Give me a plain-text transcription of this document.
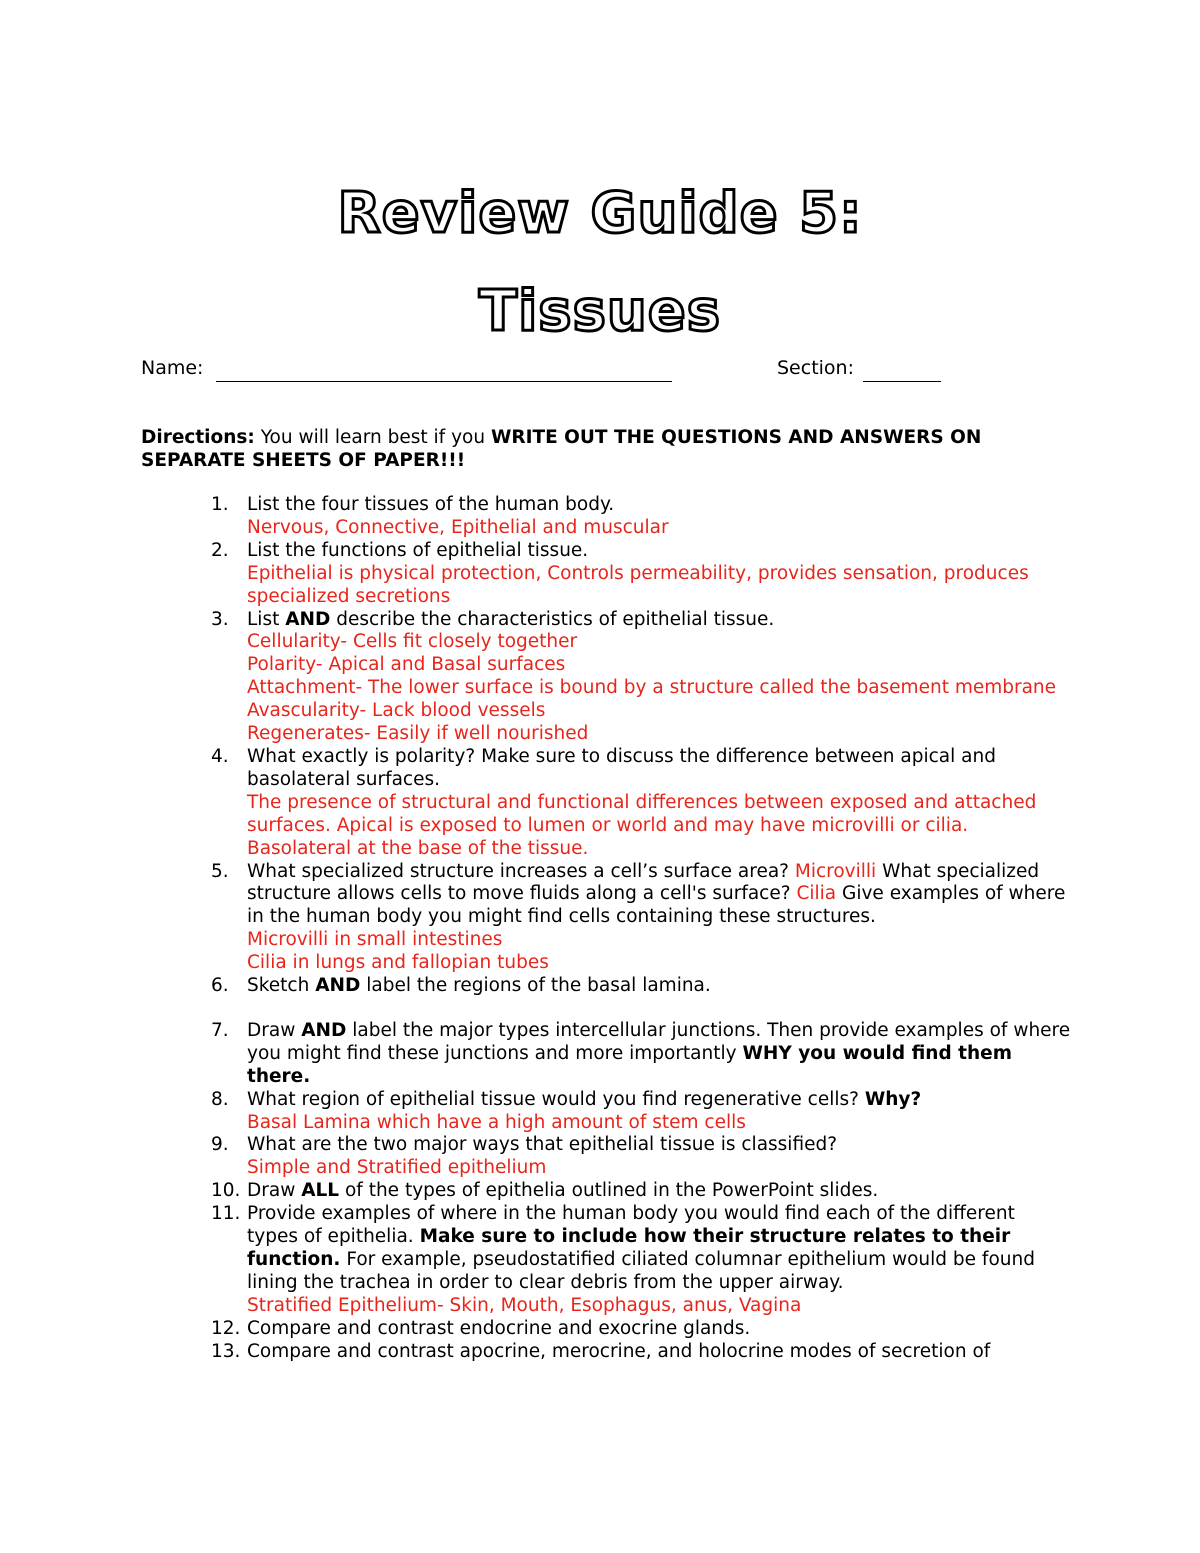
Review Guide 5:
Tissues
Name:	Section:
Directions: You will learn best if you WRITE OUT THE QUESTIONS AND ANSWERS ON SEPARATE SHEETS OF PAPER!!!
1. List the four tissues of the human body.
Nervous, Connective, Epithelial and muscular
2. List the functions of epithelial tissue.
Epithelial is physical protection, Controls permeability, provides sensation, produces specialized secretions
3. List AND describe the characteristics of epithelial tissue.
Cellularity- Cells fit closely together
Polarity- Apical and Basal surfaces
Attachment- The lower surface is bound by a structure called the basement membrane
Avascularity- Lack blood vessels
Regenerates- Easily if well nourished
4. What exactly is polarity? Make sure to discuss the difference between apical and basolateral surfaces.
The presence of structural and functional differences between exposed and attached surfaces. Apical is exposed to lumen or world and may have microvilli or cilia. Basolateral at the base of the tissue.
5. What specialized structure increases a cell’s surface area? Microvilli What specialized structure allows cells to move fluids along a cell's surface? Cilia Give examples of where in the human body you might find cells containing these structures.
Microvilli in small intestines
Cilia in lungs and fallopian tubes
6. Sketch AND label the regions of the basal lamina.
7. Draw AND label the major types intercellular junctions. Then provide examples of where you might find these junctions and more importantly WHY you would find them there.
8. What region of epithelial tissue would you find regenerative cells? Why?
Basal Lamina which have a high amount of stem cells
9. What are the two major ways that epithelial tissue is classified?
Simple and Stratified epithelium
10. Draw ALL of the types of epithelia outlined in the PowerPoint slides.
11. Provide examples of where in the human body you would find each of the different types of epithelia. Make sure to include how their structure relates to their function. For example, pseudostatified ciliated columnar epithelium would be found lining the trachea in order to clear debris from the upper airway.
Stratified Epithelium- Skin, Mouth, Esophagus, anus, Vagina
12. Compare and contrast endocrine and exocrine glands.
13. Compare and contrast apocrine, merocrine, and holocrine modes of secretion of
